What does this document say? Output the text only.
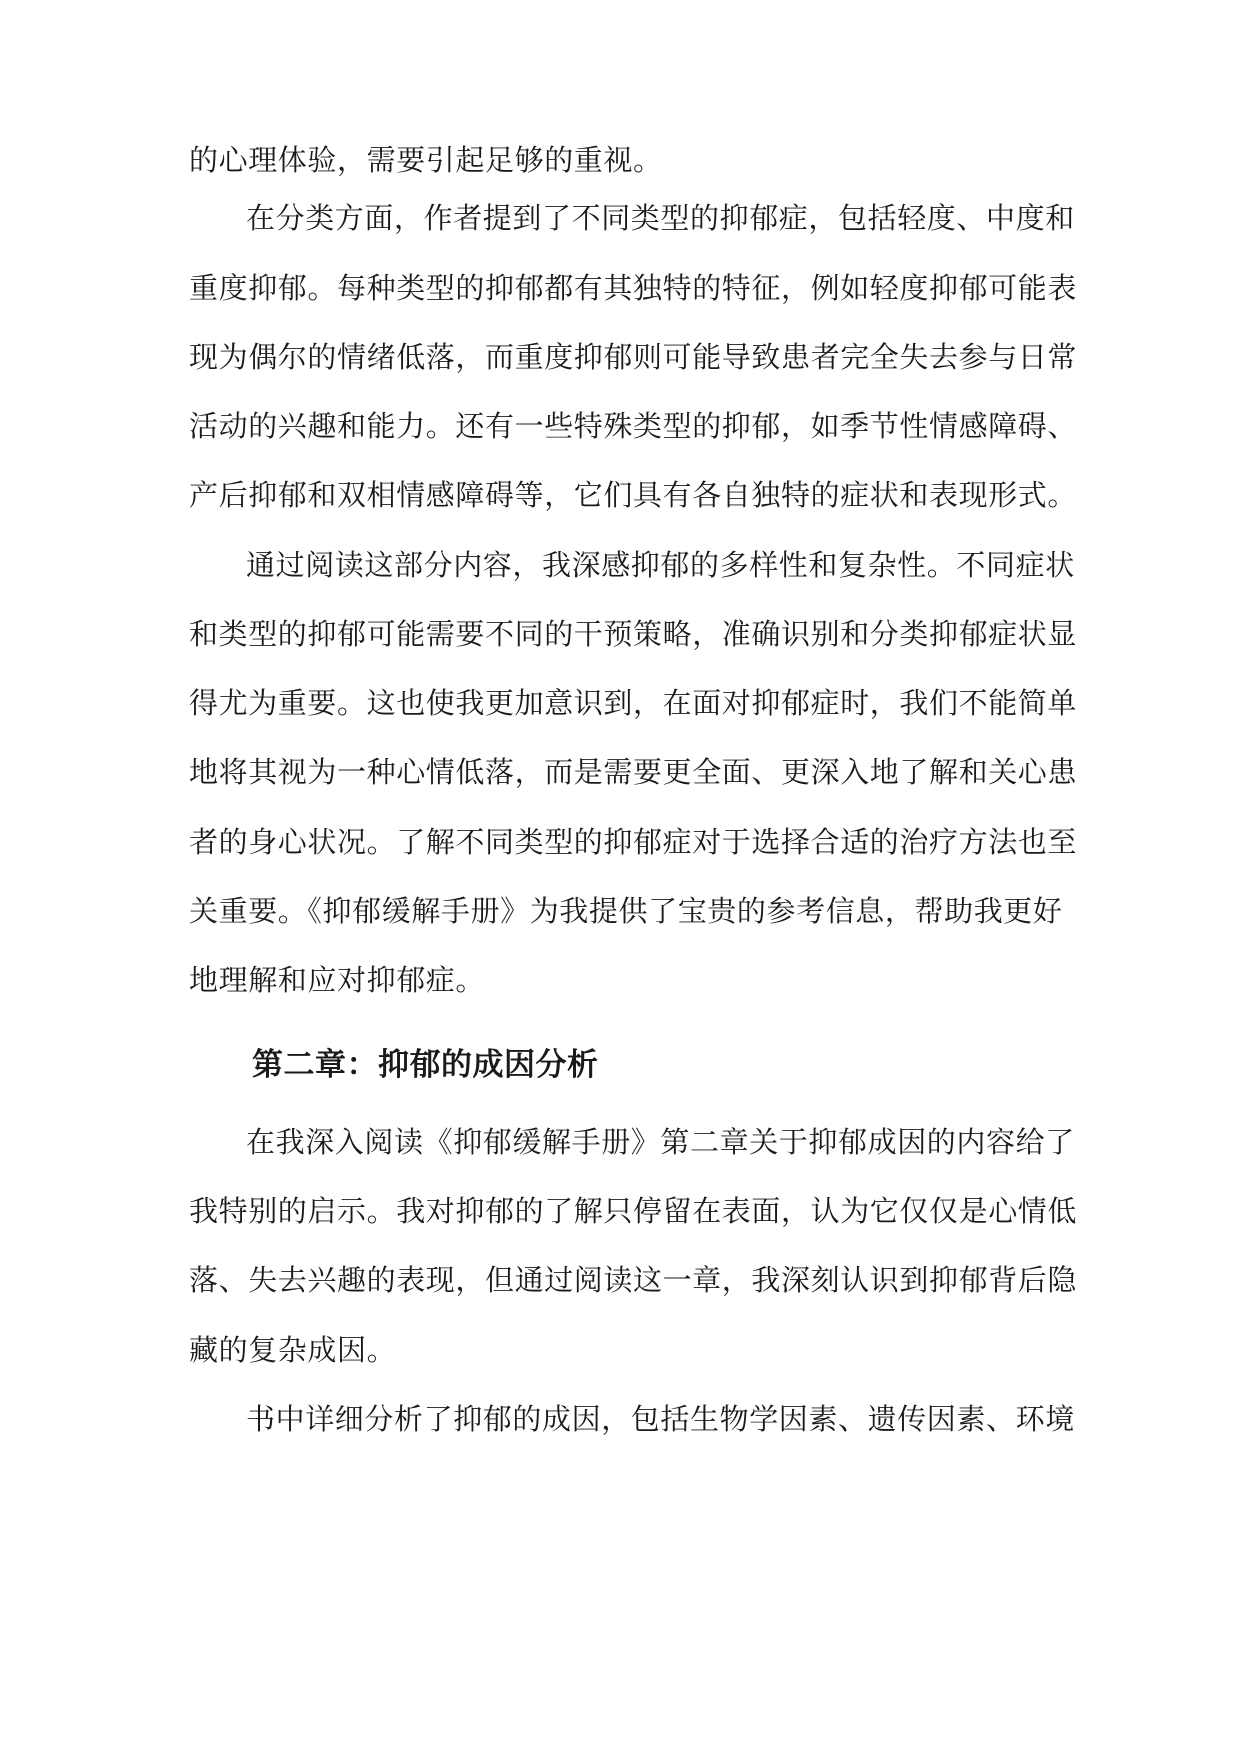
的心理体验，需要引起足够的重视。

在分类方面，作者提到了不同类型的抑郁症，包括轻度、中度和

重度抑郁。每种类型的抑郁都有其独特的特征，例如轻度抑郁可能表

现为偶尔的情绪低落，而重度抑郁则可能导致患者完全失去参与日常

活动的兴趣和能力。还有一些特殊类型的抑郁，如季节性情感障碍、

产后抑郁和双相情感障碍等，它们具有各自独特的症状和表现形式。

通过阅读这部分内容，我深感抑郁的多样性和复杂性。不同症状

和类型的抑郁可能需要不同的干预策略，准确识别和分类抑郁症状显

得尤为重要。这也使我更加意识到，在面对抑郁症时，我们不能简单

地将其视为一种心情低落，而是需要更全面、更深入地了解和关心患

者的身心状况。了解不同类型的抑郁症对于选择合适的治疗方法也至

关重要。《抑郁缓解手册》为我提供了宝贵的参考信息，帮助我更好

地理解和应对抑郁症。

第二章：抑郁的成因分析

在我深入阅读《抑郁缓解手册》第二章关于抑郁成因的内容给了

我特别的启示。我对抑郁的了解只停留在表面，认为它仅仅是心情低

落、失去兴趣的表现，但通过阅读这一章，我深刻认识到抑郁背后隐

藏的复杂成因。

书中详细分析了抑郁的成因，包括生物学因素、遗传因素、环境
